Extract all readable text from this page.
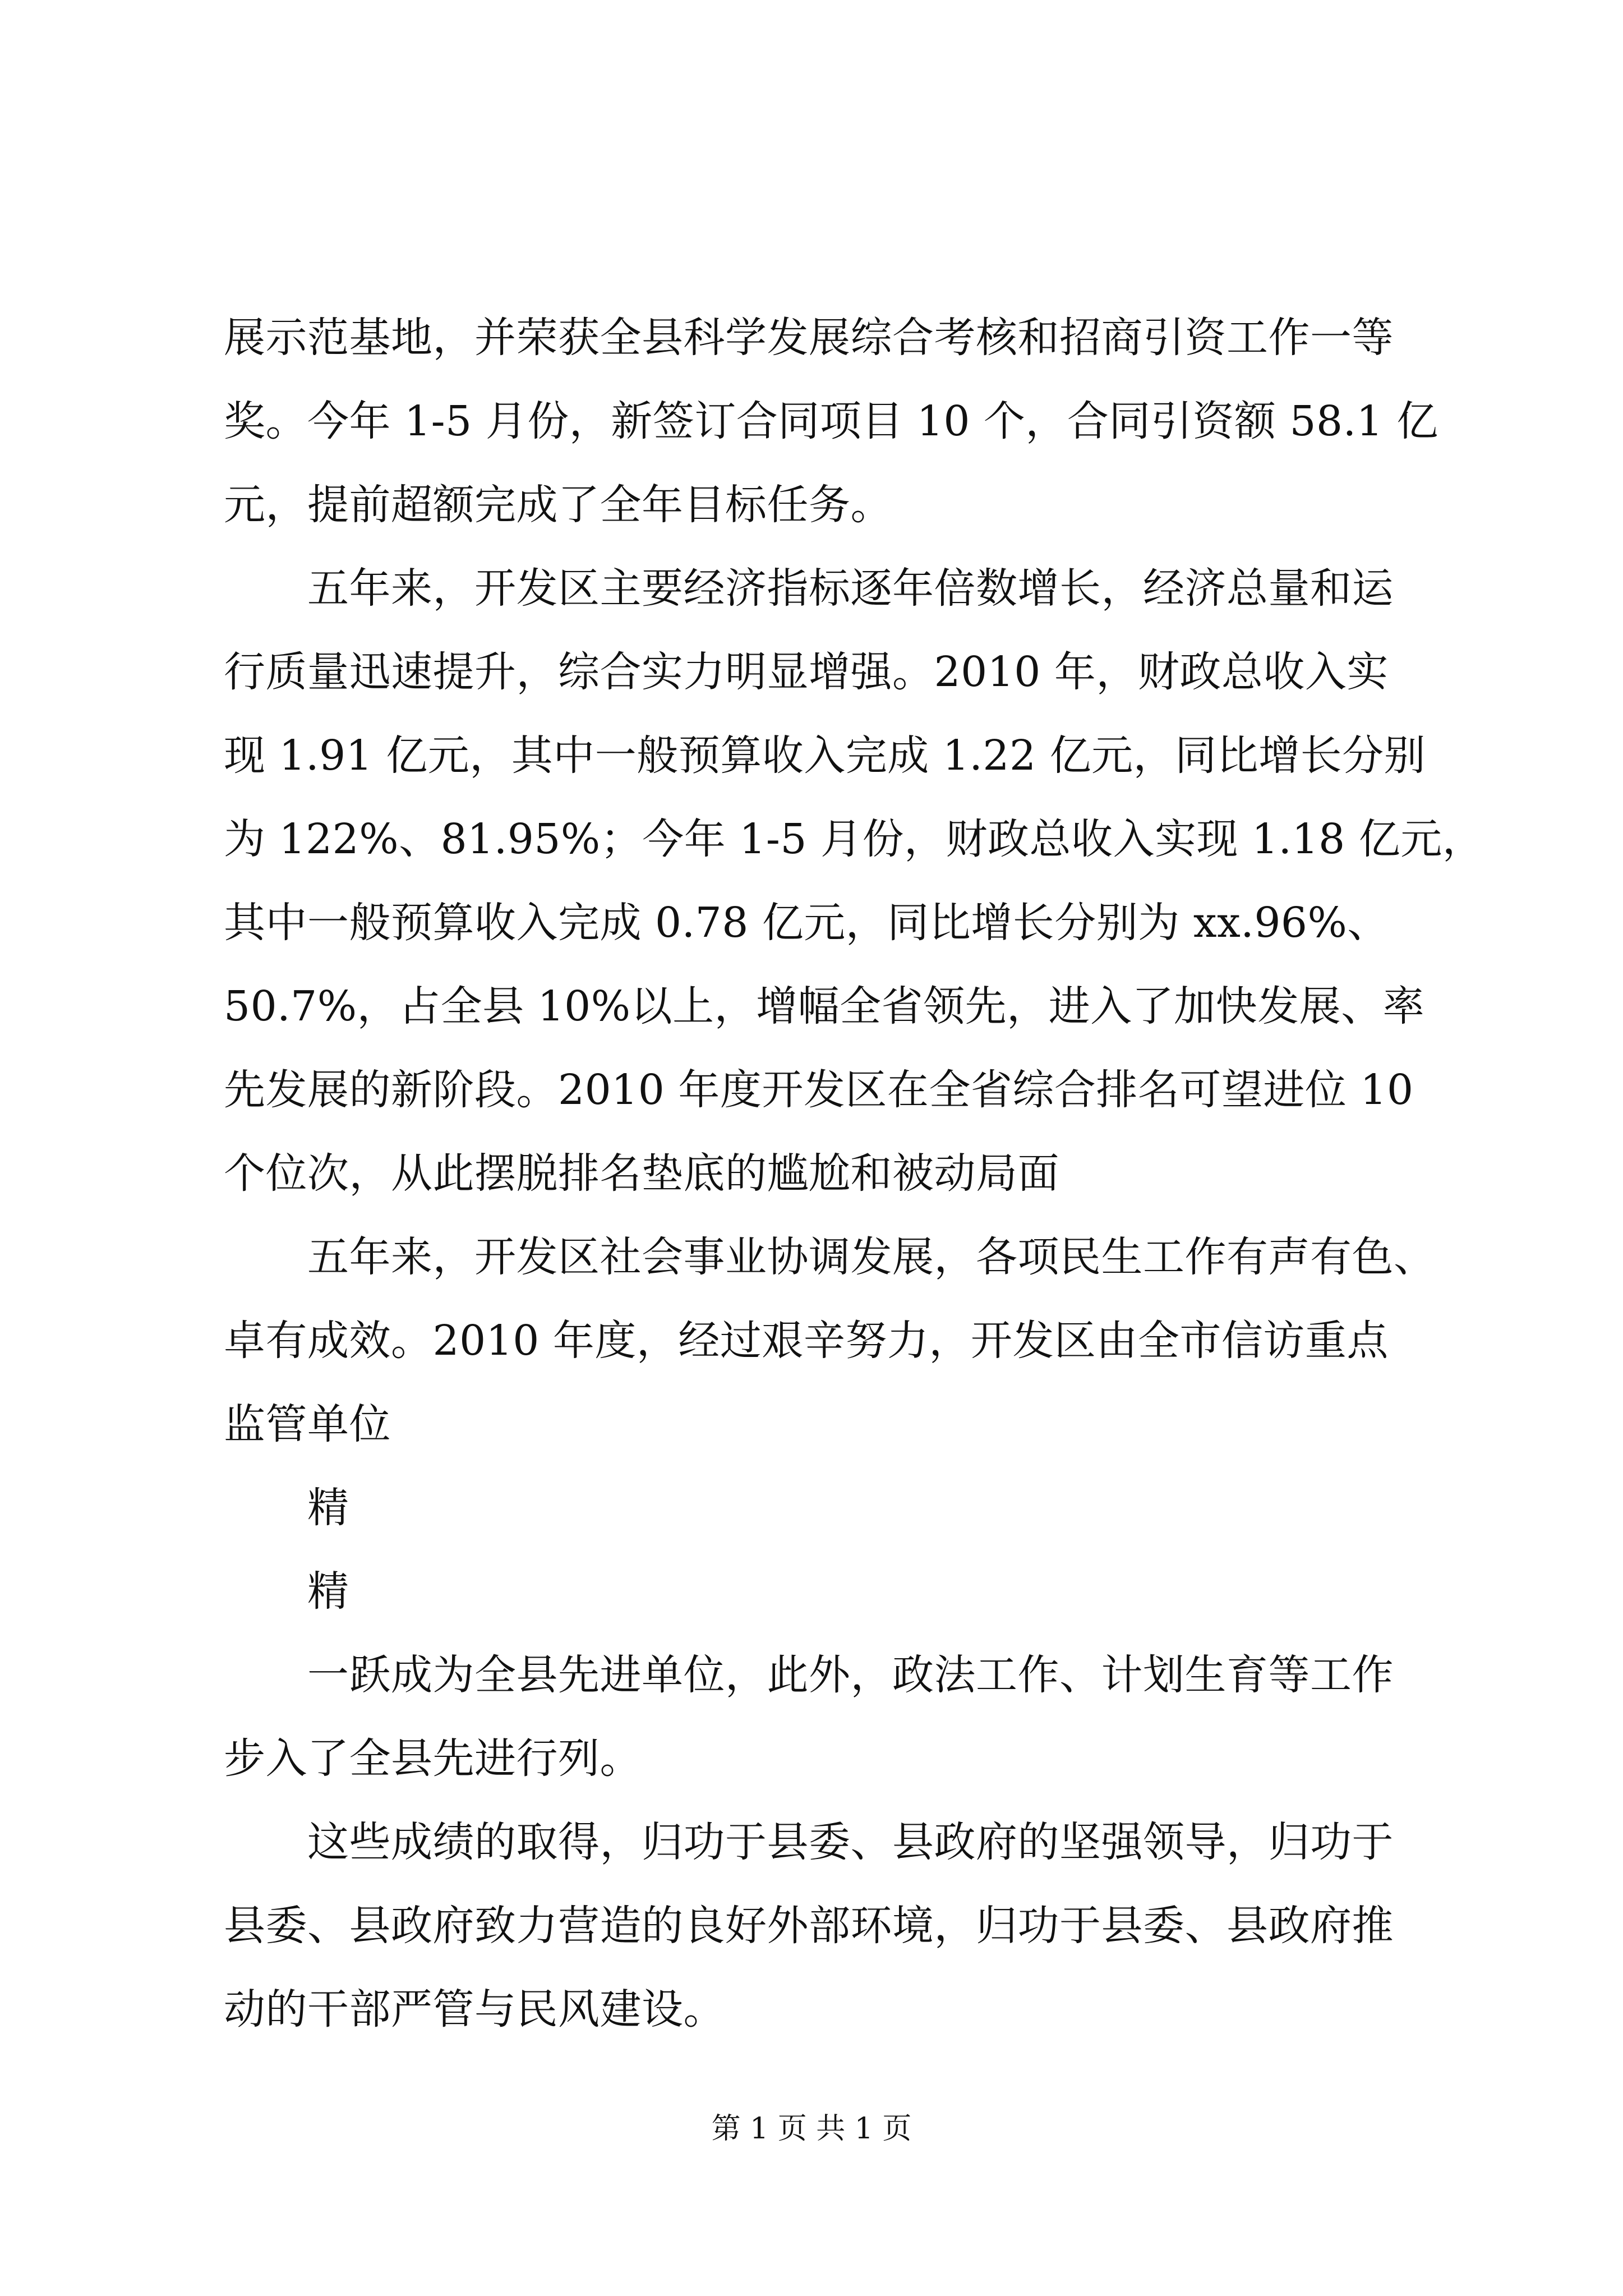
展示范基地，并荣获全县科学发展综合考核和招商引资工作一等
奖。今年 1-5 月份，新签订合同项目 10 个，合同引资额 58.1 亿
元，提前超额完成了全年目标任务。
　　五年来，开发区主要经济指标逐年倍数增长，经济总量和运
行质量迅速提升，综合实力明显增强。2010 年，财政总收入实
现 1.91 亿元，其中一般预算收入完成 1.22 亿元，同比增长分别
为 122%、81.95%；今年 1-5 月份，财政总收入实现 1.18 亿元，
其中一般预算收入完成 0.78 亿元，同比增长分别为 xx.96%、
50.7%，占全县 10%以上，增幅全省领先，进入了加快发展、率
先发展的新阶段。2010 年度开发区在全省综合排名可望进位 10
个位次，从此摆脱排名垫底的尴尬和被动局面
　　五年来，开发区社会事业协调发展，各项民生工作有声有色、
卓有成效。2010 年度，经过艰辛努力，开发区由全市信访重点
监管单位
　　精
　　精
　　一跃成为全县先进单位，此外，政法工作、计划生育等工作
步入了全县先进行列。
　　这些成绩的取得，归功于县委、县政府的坚强领导，归功于
县委、县政府致力营造的良好外部环境，归功于县委、县政府推
动的干部严管与民风建设。
第 1 页 共 1 页
